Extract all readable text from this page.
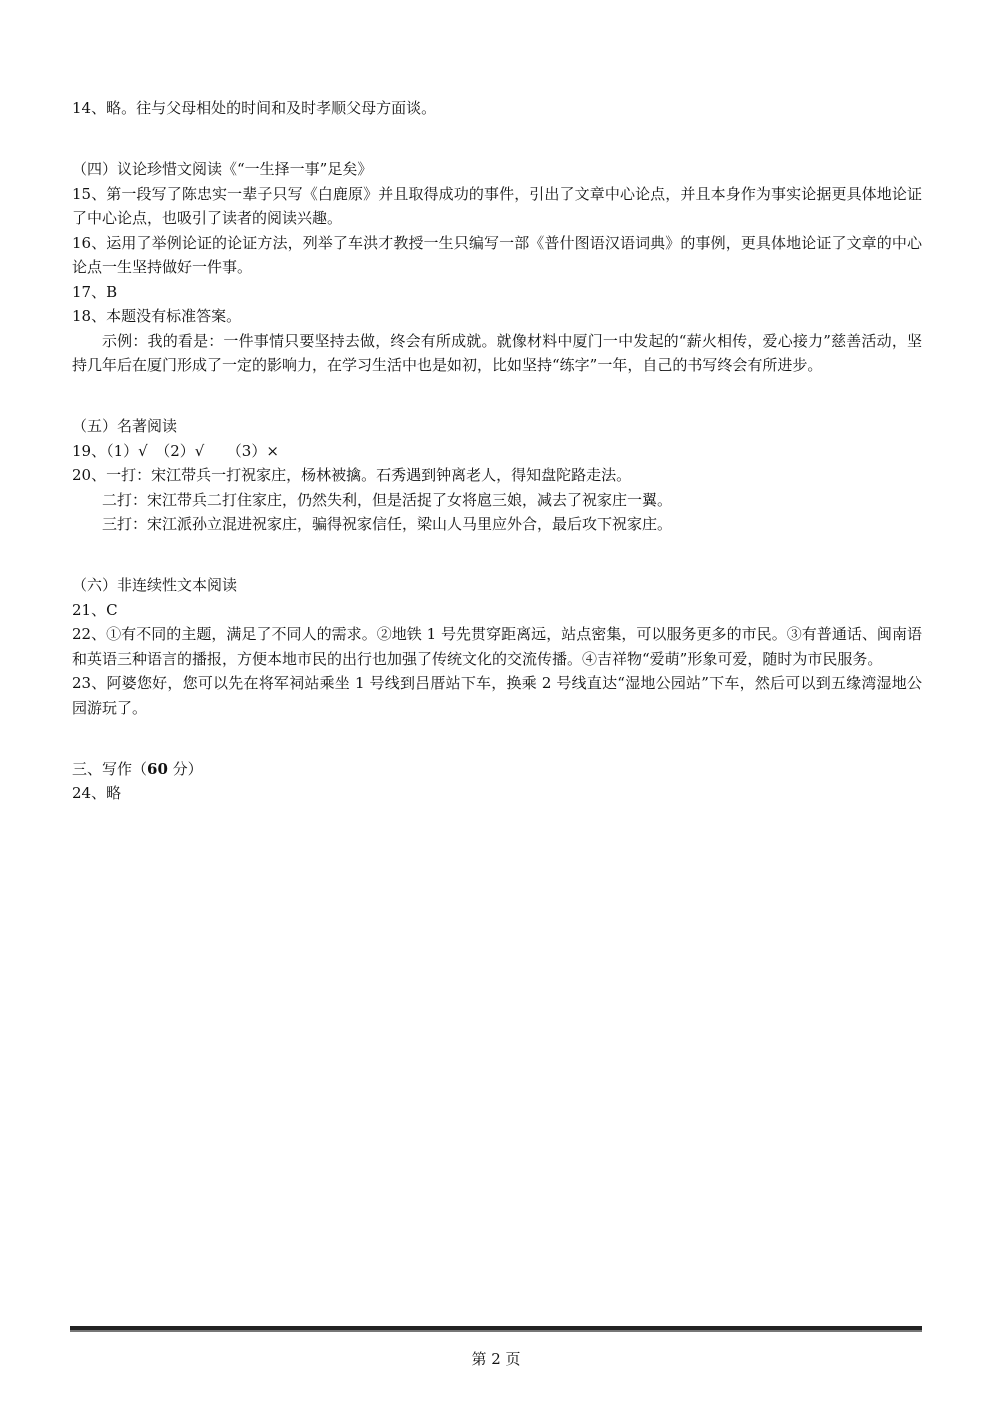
14、略。往与父母相处的时间和及时孝顺父母方面谈。
（四）议论珍惜文阅读《“一生择一事”足矣》
15、第一段写了陈忠实一辈子只写《白鹿原》并且取得成功的事件，引出了文章中心论点，并且本身作为事实论据更具体地论证了中心论点，也吸引了读者的阅读兴趣。
16、运用了举例论证的论证方法，列举了车洪才教授一生只编写一部《普什图语汉语词典》的事例，更具体地论证了文章的中心论点一生坚持做好一件事。
17、B
18、本题没有标准答案。
示例：我的看是：一件事情只要坚持去做，终会有所成就。就像材料中厦门一中发起的“薪火相传，爱心接力”慈善活动，坚持几年后在厦门形成了一定的影响力，在学习生活中也是如初，比如坚持“练字”一年，自己的书写终会有所进步。
（五）名著阅读
19、（1）√　（2）√　　（3）×
20、一打：宋江带兵一打祝家庄，杨林被擒。石秀遇到钟离老人，得知盘陀路走法。
二打：宋江带兵二打住家庄，仍然失利，但是活捉了女将扈三娘，减去了祝家庄一翼。
三打：宋江派孙立混进祝家庄，骗得祝家信任，梁山人马里应外合，最后攻下祝家庄。
（六）非连续性文本阅读
21、C
22、①有不同的主题，满足了不同人的需求。②地铁 1 号先贯穿距离远，站点密集，可以服务更多的市民。③有普通话、闽南语和英语三种语言的播报，方便本地市民的出行也加强了传统文化的交流传播。④吉祥物“爱萌”形象可爱，随时为市民服务。
23、阿婆您好，您可以先在将军祠站乘坐 1 号线到吕厝站下车，换乘 2 号线直达“湿地公园站”下车，然后可以到五缘湾湿地公园游玩了。
三、写作（60 分）
24、略
第 2 页
